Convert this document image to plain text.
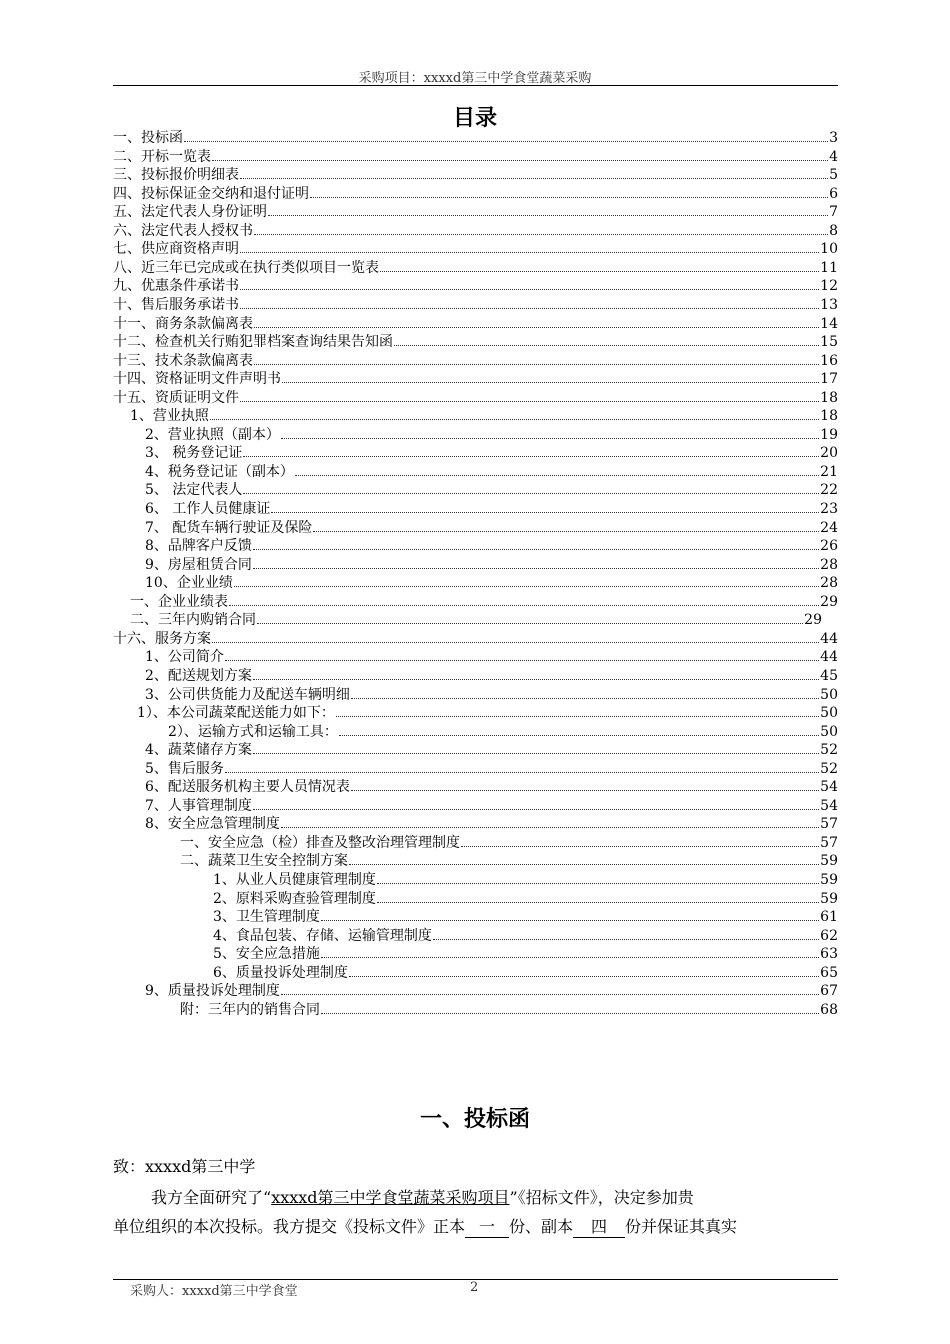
采购项目：xxxxd第三中学食堂蔬菜采购
目录
一、投标函	3
二、开标一览表	4
三、投标报价明细表	5
四、投标保证金交纳和退付证明	6
五、法定代表人身份证明	7
六、法定代表人授权书	8
七、供应商资格声明	10
八、近三年已完成或在执行类似项目一览表	11
九、优惠条件承诺书	12
十、售后服务承诺书	13
十一、商务条款偏离表	14
十二、检查机关行贿犯罪档案查询结果告知函	15
十三、技术条款偏离表	16
十四、资格证明文件声明书	17
十五、资质证明文件	18
1、营业执照	18
2、营业执照（副本）	19
3、 税务登记证	20
4、税务登记证（副本）	21
5、 法定代表人	22
6、 工作人员健康证	23
7、 配货车辆行驶证及保险	24
8、品牌客户反馈	26
9、房屋租赁合同	28
10、企业业绩	28
一、企业业绩表	29
二、三年内购销合同	29
十六、服务方案	44
1、公司简介	44
2、配送规划方案	45
3、公司供货能力及配送车辆明细	50
1）、本公司蔬菜配送能力如下：	50
2）、运输方式和运输工具：	50
4、蔬菜储存方案	52
5、售后服务	52
6、配送服务机构主要人员情况表	54
7、人事管理制度	54
8、安全应急管理制度	57
一、安全应急（检）排查及整改治理管理制度	57
二、蔬菜卫生安全控制方案	59
1、从业人员健康管理制度	59
2、原料采购查验管理制度	59
3、卫生管理制度	61
4、食品包装、存储、运输管理制度	62
5、安全应急措施	63
6、质量投诉处理制度	65
9、质量投诉处理制度	67
附：三年内的销售合同	68
一、投标函
致：xxxxd第三中学
我方全面研究了“xxxxd第三中学食堂蔬菜采购项目”《招标文件》，决定参加贵
单位组织的本次投标。我方提交《投标文件》正本 一 份、副本 四 份并保证其真实
采购人：xxxxd第三中学食堂	2
